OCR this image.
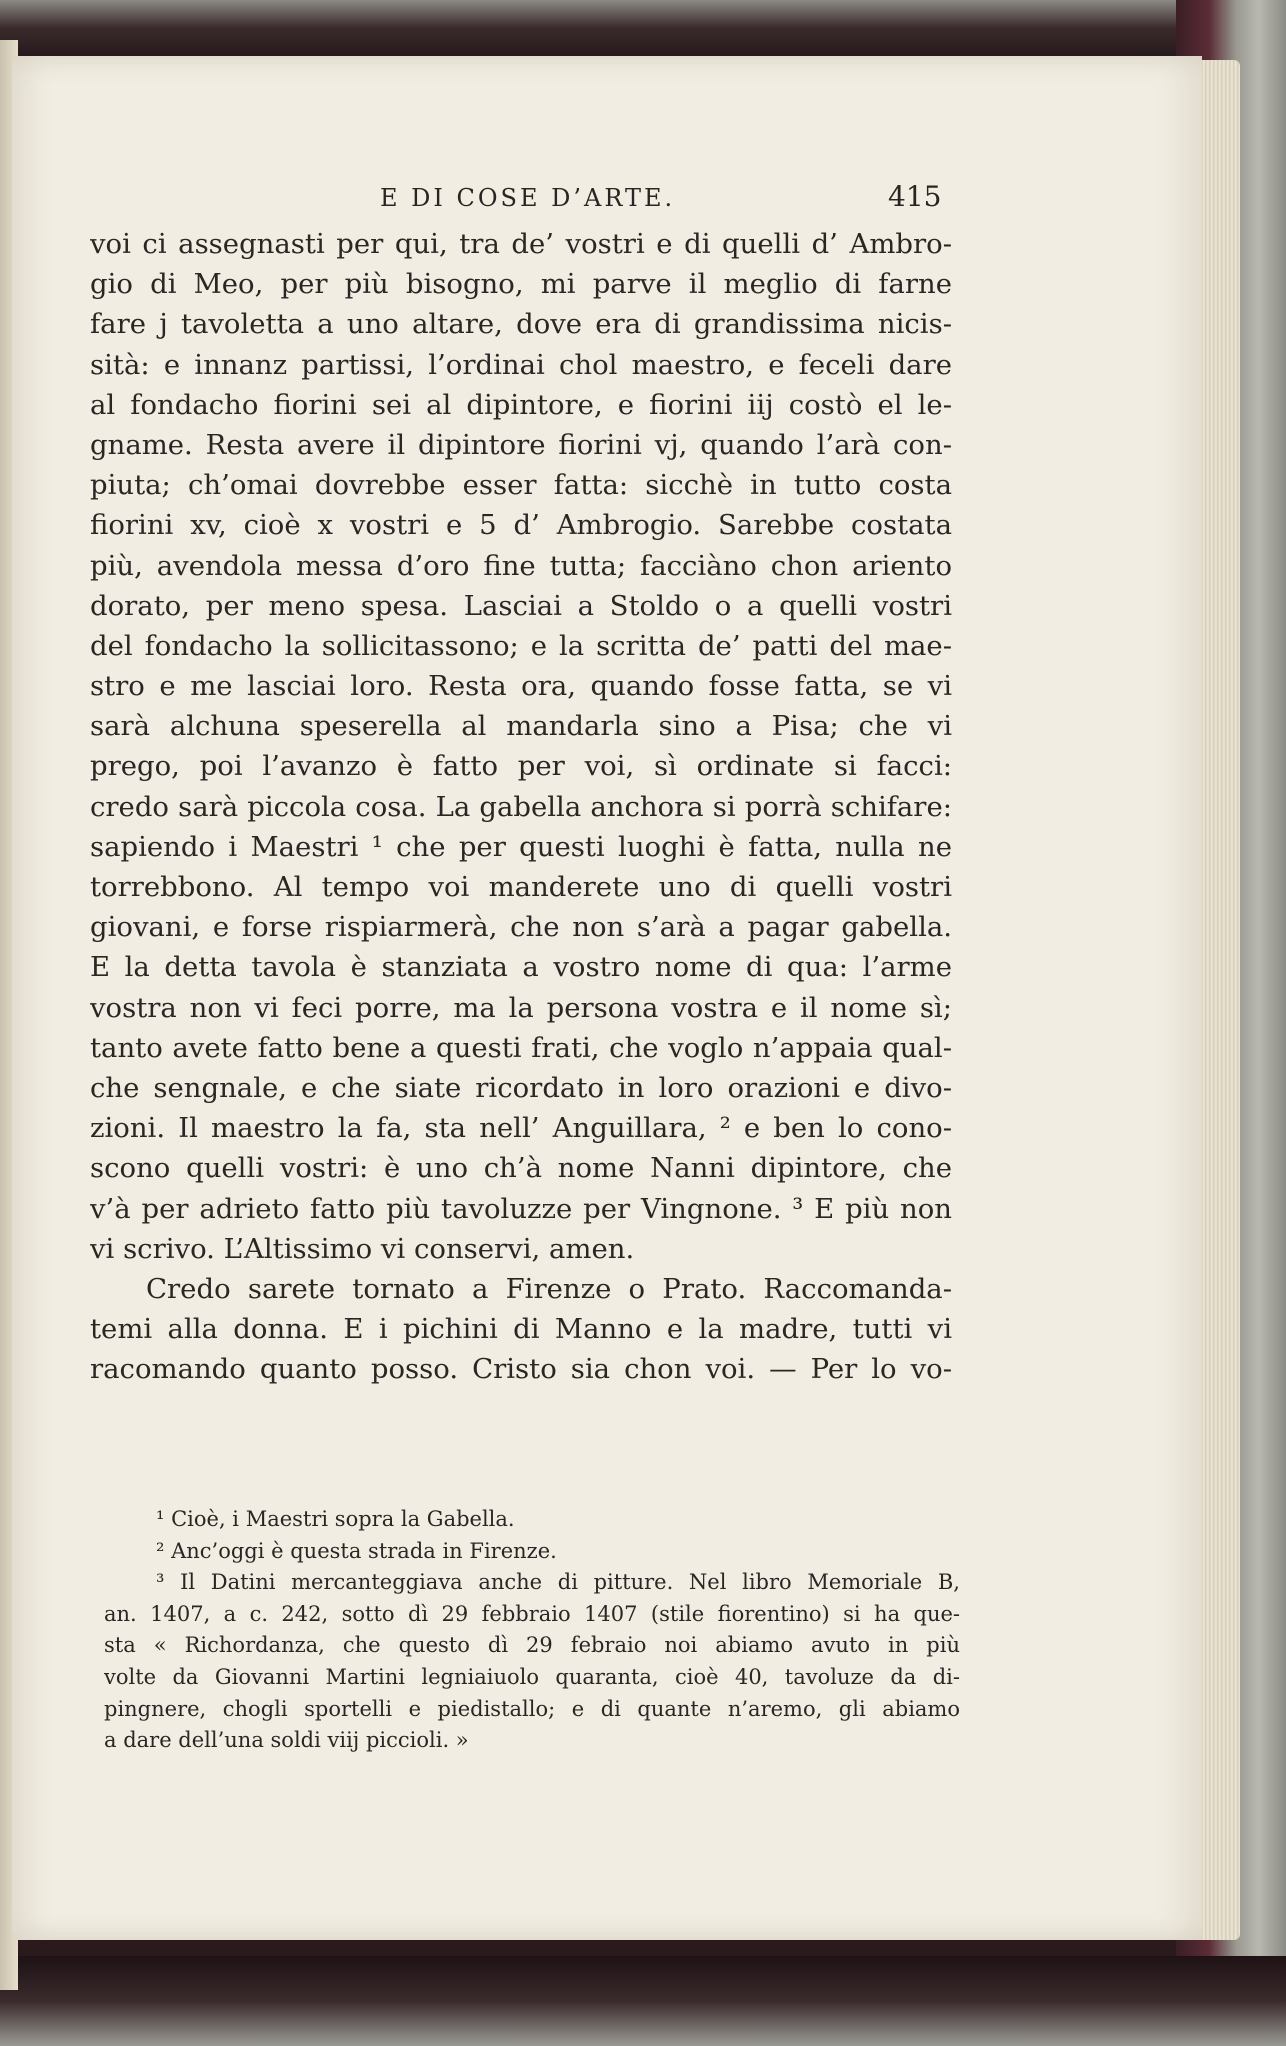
E DI COSE D’ARTE.	415
voi ci assegnasti per qui, tra de’ vostri e di quelli d’ Ambro-
gio di Meo, per più bisogno, mi parve il meglio di farne
fare j tavoletta a uno altare, dove era di grandissima nicis-
sità: e innanz partissi, l’ordinai chol maestro, e feceli dare
al fondacho fiorini sei al dipintore, e fiorini iij costò el le-
gname. Resta avere il dipintore fiorini vj, quando l’arà con-
piuta; ch’omai dovrebbe esser fatta: sicchè in tutto costa
fiorini xv, cioè x vostri e 5 d’ Ambrogio. Sarebbe costata
più, avendola messa d’oro fine tutta; facciàno chon ariento
dorato, per meno spesa. Lasciai a Stoldo o a quelli vostri
del fondacho la sollicitassono; e la scritta de’ patti del mae-
stro e me lasciai loro. Resta ora, quando fosse fatta, se vi
sarà alchuna speserella al mandarla sino a Pisa; che vi
prego, poi l’avanzo è fatto per voi, sì ordinate si facci:
credo sarà piccola cosa. La gabella anchora si porrà schifare:
sapiendo i Maestri ¹ che per questi luoghi è fatta, nulla ne
torrebbono. Al tempo voi manderete uno di quelli vostri
giovani, e forse rispiarmerà, che non s’arà a pagar gabella.
E la detta tavola è stanziata a vostro nome di qua: l’arme
vostra non vi feci porre, ma la persona vostra e il nome sì;
tanto avete fatto bene a questi frati, che voglo n’appaia qual-
che sengnale, e che siate ricordato in loro orazioni e divo-
zioni. Il maestro la fa, sta nell’ Anguillara, ² e ben lo cono-
scono quelli vostri: è uno ch’à nome Nanni dipintore, che
v’à per adrieto fatto più tavoluzze per Vingnone. ³ E più non
vi scrivo. L’Altissimo vi conservi, amen.
Credo sarete tornato a Firenze o Prato. Raccomanda-
temi alla donna. E i pichini di Manno e la madre, tutti vi
racomando quanto posso. Cristo sia chon voi. — Per lo vo-
¹ Cioè, i Maestri sopra la Gabella.
² Anc’oggi è questa strada in Firenze.
³ Il Datini mercanteggiava anche di pitture. Nel libro Memoriale B,
an. 1407, a c. 242, sotto dì 29 febbraio 1407 (stile fiorentino) si ha que-
sta « Richordanza, che questo dì 29 febraio noi abiamo avuto in più
volte da Giovanni Martini legniaiuolo quaranta, cioè 40, tavoluze da di-
pingnere, chogli sportelli e piedistallo; e di quante n’aremo, gli abiamo
a dare dell’una soldi viij piccioli. »
